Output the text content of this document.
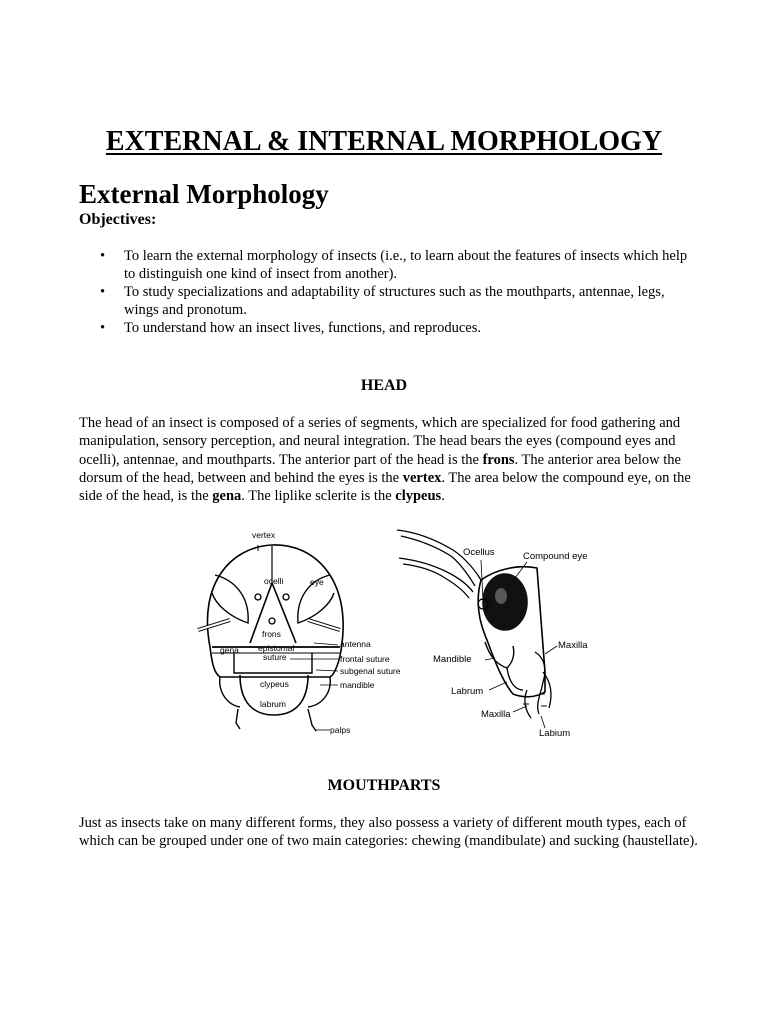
EXTERNAL & INTERNAL MORPHOLOGY
External Morphology
Objectives:
• To learn the external morphology of insects (i.e., to learn about the features of insects which help to distinguish one kind of insect from another).
• To study specializations and adaptability of structures such as the mouthparts, antennae, legs, wings and pronotum.
• To understand how an insect lives, functions, and reproduces.
HEAD

The head of an insect is composed of a series of segments, which are specialized for food gathering and manipulation, sensory perception, and neural integration. The head bears the eyes (compound eyes and ocelli), antennae, and mouthparts. The anterior part of the head is the frons. The anterior area below the dorsum of the head, between and behind the eyes is the vertex. The area below the compound eye, on the side of the head, is the gena. The liplike sclerite is the clypeus.

vertex
ocelli	eye
frons
antenna
gena epistomal
suture	frontal suture
subgenal suture
clypeus	mandible
labrum
palps
Ocellus	Compound eye
Maxilla
Mandible
Labrum
Maxilla
Labium
MOUTHPARTS

Just as insects take on many different forms, they also possess a variety of different mouth types, each of which can be grouped under one of two main categories: chewing (mandibulate) and sucking (haustellate).
